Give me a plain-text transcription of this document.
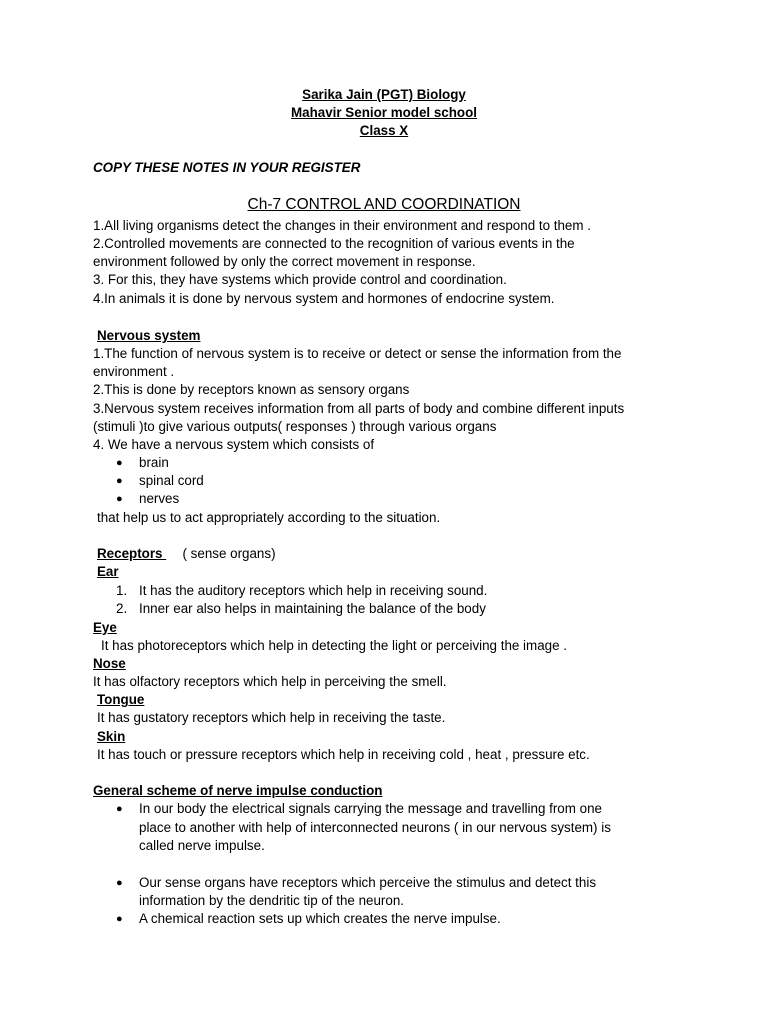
Sarika Jain (PGT) Biology
Mahavir Senior model school
Class X
COPY THESE NOTES IN YOUR REGISTER
Ch-7 CONTROL AND COORDINATION
1.All living organisms detect the changes in their environment and respond to them .
2.Controlled movements are connected to the recognition of various events in the
environment followed by only the correct movement in response.
3. For this, they have systems which provide control and coordination.
4.In animals it is done by nervous system and hormones of endocrine system.
Nervous system
1.The function of nervous system is to receive or detect or sense the information from the
environment .
2.This is done by receptors known as sensory organs
3.Nervous system receives information from all parts of body and combine different inputs
(stimuli )to give various outputs( responses ) through various organs
4. We have a nervous system which consists of
● brain
● spinal cord
● nerves
that help us to act appropriately according to the situation.
Receptors ( sense organs)
Ear
1. It has the auditory receptors which help in receiving sound.
2. Inner ear also helps in maintaining the balance of the body
Eye
It has photoreceptors which help in detecting the light or perceiving the image .
Nose
It has olfactory receptors which help in perceiving the smell.
Tongue
It has gustatory receptors which help in receiving the taste.
Skin
It has touch or pressure receptors which help in receiving cold , heat , pressure etc.
General scheme of nerve impulse conduction
● In our body the electrical signals carrying the message and travelling from one
place to another with help of interconnected neurons ( in our nervous system) is
called nerve impulse.
● Our sense organs have receptors which perceive the stimulus and detect this
information by the dendritic tip of the neuron.
● A chemical reaction sets up which creates the nerve impulse.
